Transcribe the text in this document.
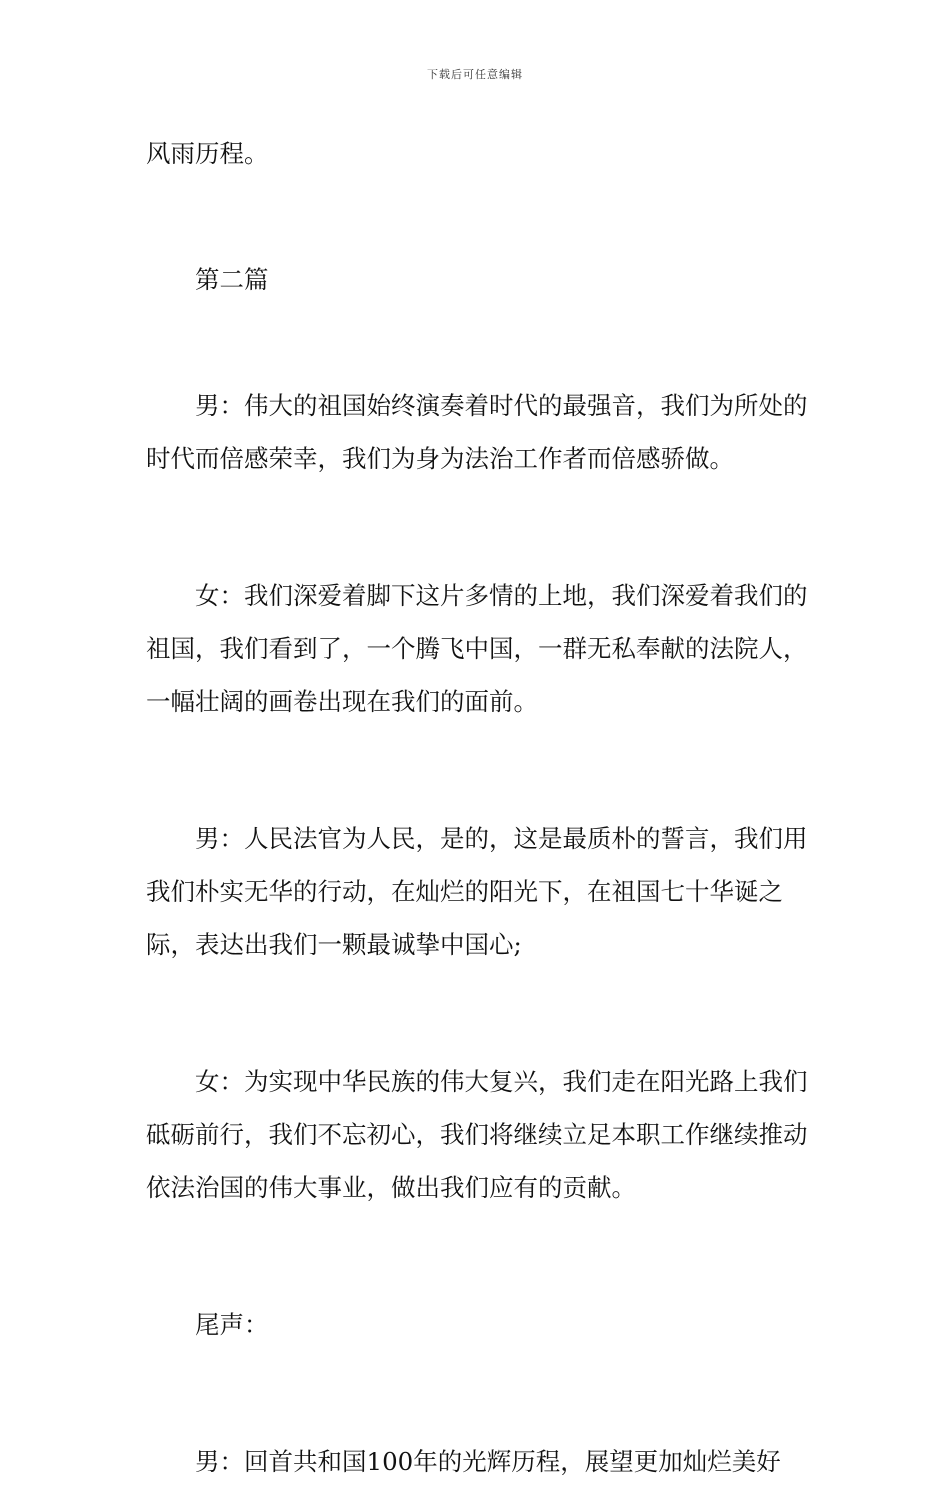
下载后可任意编辑

风雨历程。

第二篇

男：伟大的祖国始终演奏着时代的最强音，我们为所处的时代而倍感荣幸，我们为身为法治工作者而倍感骄做。

女：我们深爱着脚下这片多情的上地，我们深爱着我们的祖国，我们看到了，一个腾飞中国，一群无私奉献的法院人，一幅壮阔的画卷出现在我们的面前。

男：人民法官为人民，是的，这是最质朴的誓言，我们用我们朴实无华的行动，在灿烂的阳光下，在祖国七十华诞之际，表达出我们一颗最诚挚中国心;

女：为实现中华民族的伟大复兴，我们走在阳光路上我们砥砺前行，我们不忘初心，我们将继续立足本职工作继续推动依法治国的伟大事业，做出我们应有的贡献。

尾声：

男：回首共和国100年的光辉历程，展望更加灿烂美好
